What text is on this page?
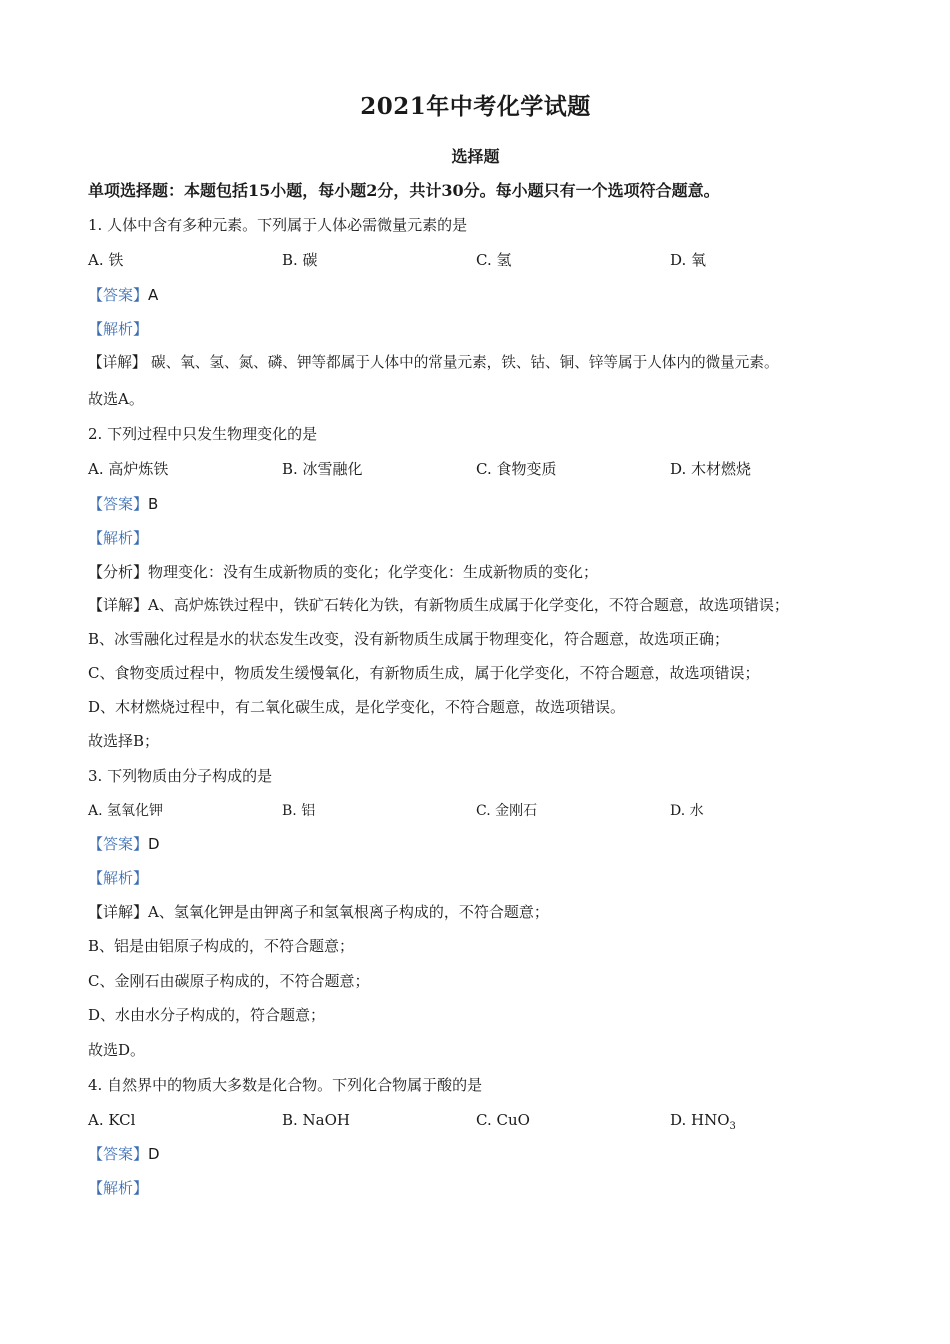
2021年中考化学试题
选择题
单项选择题：本题包括15小题，每小题2分，共计30分。每小题只有一个选项符合题意。
1. 人体中含有多种元素。下列属于人体必需微量元素的是
A. 铁	B. 碳	C. 氢	D. 氧
【答案】A
【解析】
【详解】 碳、氧、氢、氮、磷、钾等都属于人体中的常量元素，铁、钴、铜、锌等属于人体内的微量元素。
故选A。
2. 下列过程中只发生物理变化的是
A. 高炉炼铁	B. 冰雪融化	C. 食物变质	D. 木材燃烧
【答案】B
【解析】
【分析】物理变化：没有生成新物质的变化；化学变化：生成新物质的变化；
【详解】A、高炉炼铁过程中，铁矿石转化为铁，有新物质生成属于化学变化，不符合题意，故选项错误；
B、冰雪融化过程是水的状态发生改变，没有新物质生成属于物理变化，符合题意，故选项正确；
C、食物变质过程中，物质发生缓慢氧化，有新物质生成，属于化学变化，不符合题意，故选项错误；
D、木材燃烧过程中，有二氧化碳生成，是化学变化，不符合题意，故选项错误。
故选择B；
3. 下列物质由分子构成的是
A. 氢氧化钾	B. 铝	C. 金刚石	D. 水
【答案】D
【解析】
【详解】A、氢氧化钾是由钾离子和氢氧根离子构成的，不符合题意；
B、铝是由铝原子构成的，不符合题意；
C、金刚石由碳原子构成的，不符合题意；
D、水由水分子构成的，符合题意；
故选D。
4. 自然界中的物质大多数是化合物。下列化合物属于酸的是
A. KCl	B. NaOH	C. CuO	D. $HNO_3$
【答案】D
【解析】
